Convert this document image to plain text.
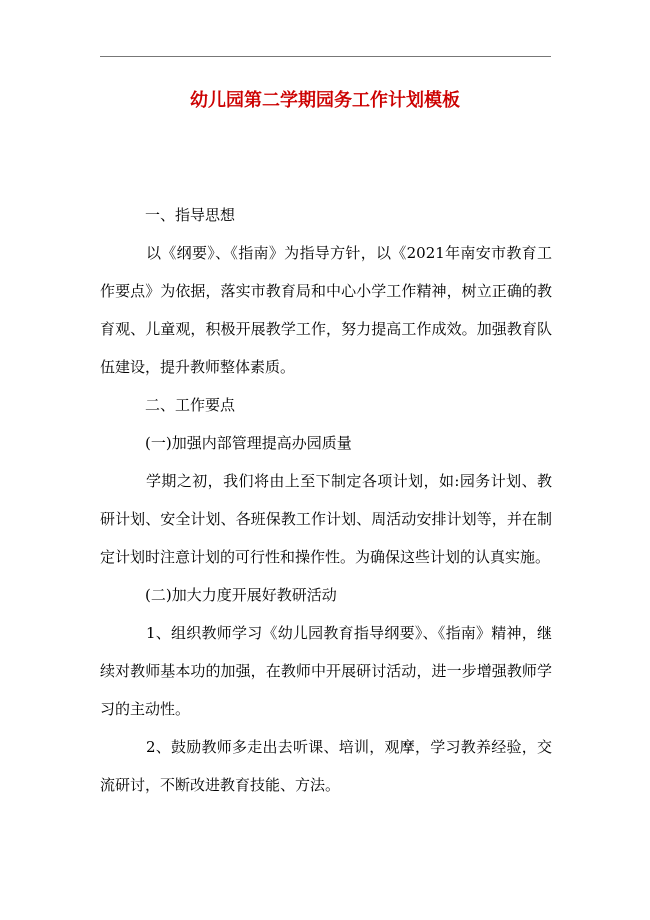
幼儿园第二学期园务工作计划模板

一、指导思想

以《纲要》、《指南》为指导方针，以《2021年南安市教育工作要点》为依据，落实市教育局和中心小学工作精神，树立正确的教育观、儿童观，积极开展教学工作，努力提高工作成效。加强教育队伍建设，提升教师整体素质。

二、工作要点

(一)加强内部管理提高办园质量

学期之初，我们将由上至下制定各项计划，如:园务计划、教研计划、安全计划、各班保教工作计划、周活动安排计划等，并在制定计划时注意计划的可行性和操作性。为确保这些计划的认真实施。

(二)加大力度开展好教研活动

1、组织教师学习《幼儿园教育指导纲要》、《指南》精神，继续对教师基本功的加强，在教师中开展研讨活动，进一步增强教师学习的主动性。

2、鼓励教师多走出去听课、培训，观摩，学习教养经验，交流研讨，不断改进教育技能、方法。
